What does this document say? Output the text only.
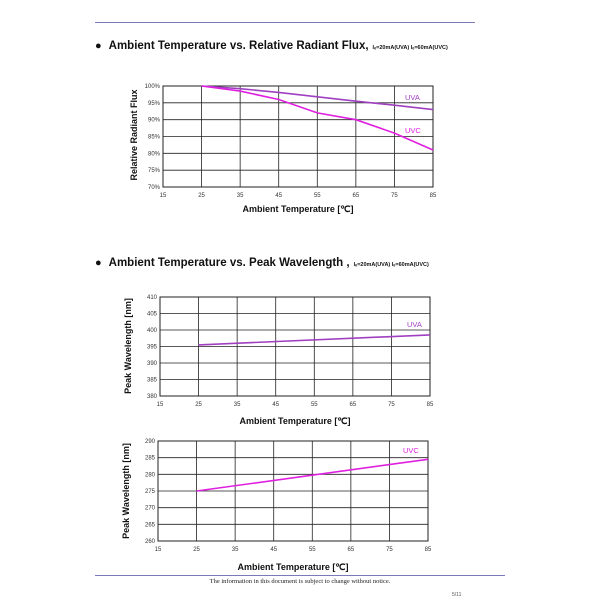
● Ambient Temperature vs. Relative Radiant Flux, Iₑ=20mA(UVA) Iₑ=60mA(UVC)
15	25	35	45	55	65	75	85
70%
75%
80%
85%
90%
95%
100%
Ambient Temperature [℃]
Relative Radiant Flux	UVA
UVC
● Ambient Temperature vs. Peak Wavelength , Iₑ=20mA(UVA) Iₑ=60mA(UVC)
15	25	35	45	55	65	75	85
380
385
390
395
400
405
410
Ambient Temperature [℃]
Peak Wavelength [nm]	UVA
15	25	35	45	55	65	75	85
260
265
270
275
280
285
290
Ambient Temperature [℃]
Peak Wavelength [nm]	UVC
The information in this document is subject to change without notice.
5/11
